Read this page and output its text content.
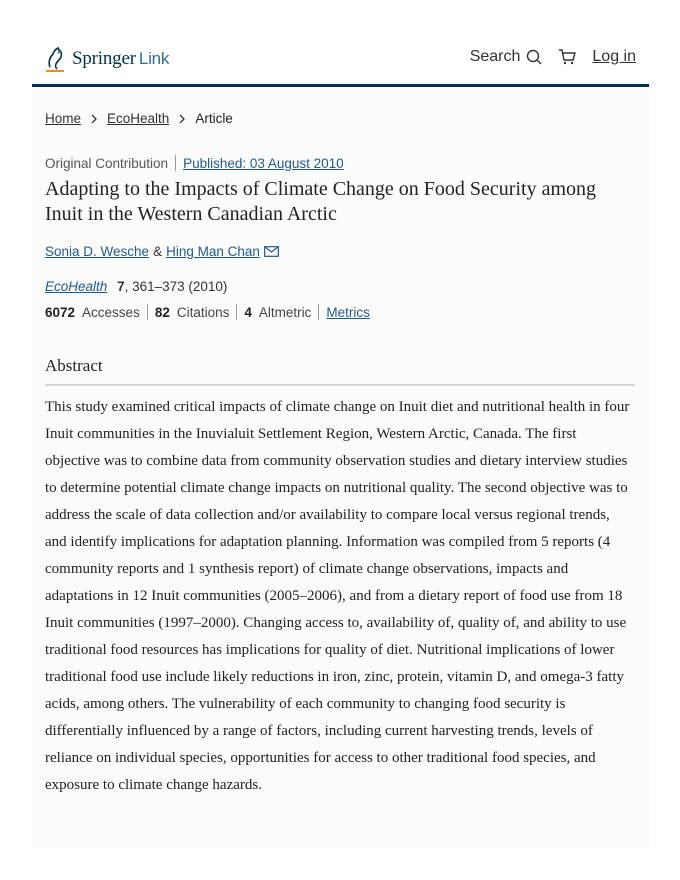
Springer Link	Search	Log in
Home EcoHealth Article
Original Contribution Published: 03 August 2010
Adapting to the Impacts of Climate Change on Food Security among Inuit in the Western Canadian Arctic
Sonia D. Wesche & Hing Man Chan
EcoHealth 7, 361–373 (2010)
6072 Accesses 82 Citations 4 Altmetric Metrics
Abstract

This study examined critical impacts of climate change on Inuit diet and nutritional health in four Inuit communities in the Inuvialuit Settlement Region, Western Arctic, Canada. The first objective was to combine data from community observation studies and dietary interview studies to determine potential climate change impacts on nutritional quality. The second objective was to address the scale of data collection and/or availability to compare local versus regional trends, and identify implications for adaptation planning. Information was compiled from 5 reports (4 community reports and 1 synthesis report) of climate change observations, impacts and adaptations in 12 Inuit communities (2005–2006), and from a dietary report of food use from 18 Inuit communities (1997–2000). Changing access to, availability of, quality of, and ability to use traditional food resources has implications for quality of diet. Nutritional implications of lower traditional food use include likely reductions in iron, zinc, protein, vitamin D, and omega-3 fatty acids, among others. The vulnerability of each community to changing food security is differentially influenced by a range of factors, including current harvesting trends, levels of reliance on individual species, opportunities for access to other traditional food species, and exposure to climate change hazards.
